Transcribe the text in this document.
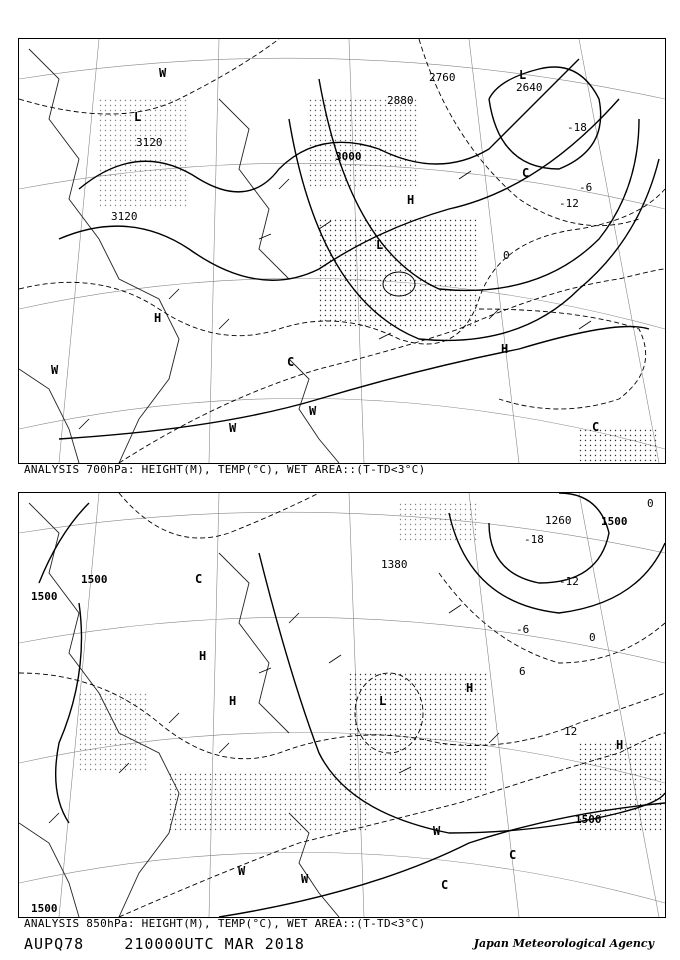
3120
3120
3000
2880
2760
2640
-18
-12
-6
0
L
L
L
H
H
H
C
C
C
W
W
W
W
ANALYSIS 700hPa: HEIGHT(M), TEMP(°C), WET AREA::(T-TD<3°C)
1500
1500
1500
1500
1500
1260
1380
-18
-12
-6
0
0
6
12
H
H
H
H
L
C
C
C
W
W
W
ANALYSIS 850hPa: HEIGHT(M), TEMP(°C), WET AREA::(T-TD<3°C)
AUPQ78	210000UTC MAR 2018	Japan Meteorological Agency
